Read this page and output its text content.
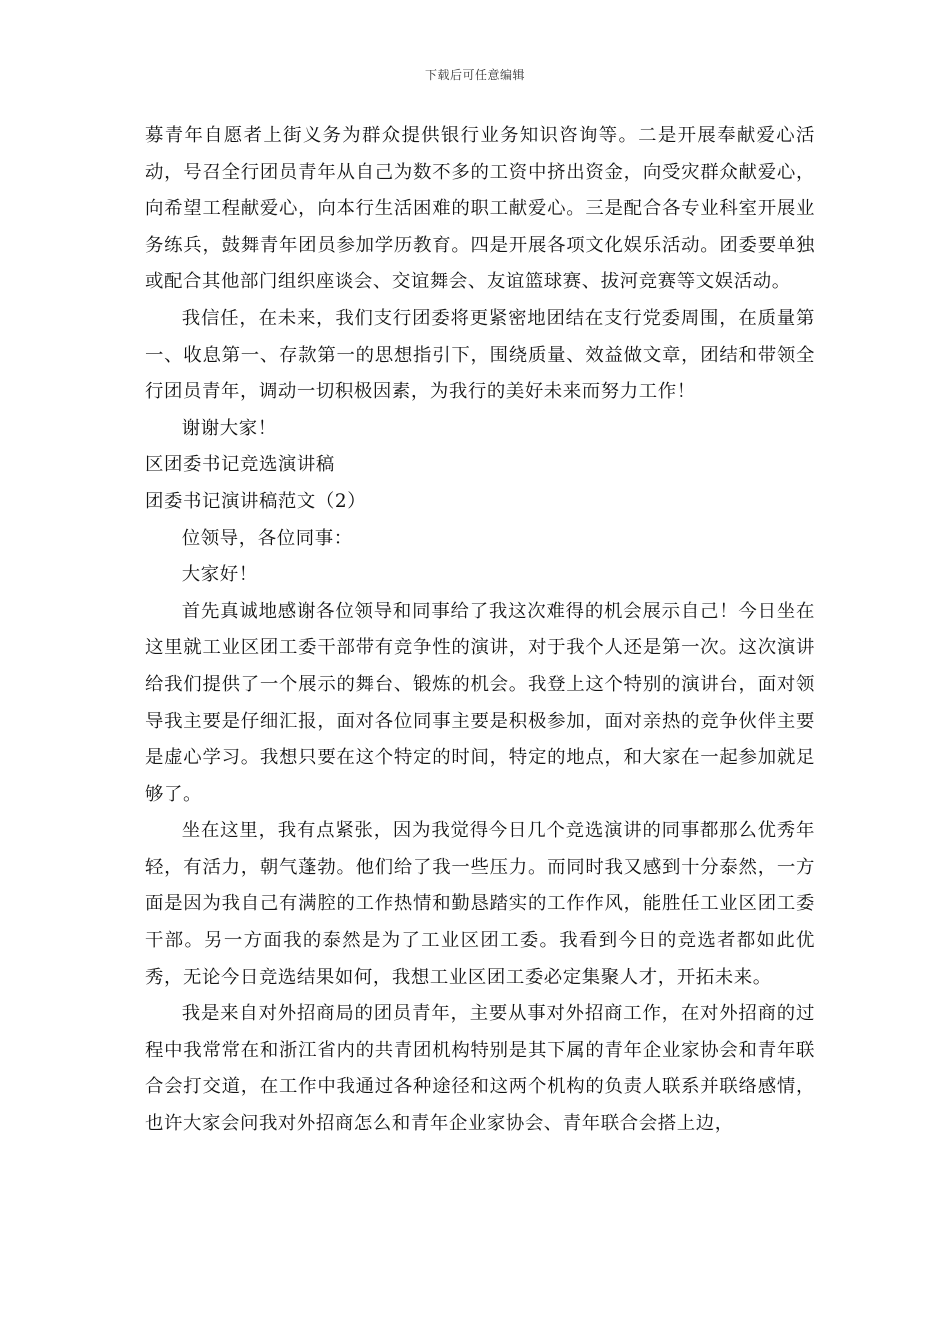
下载后可任意编辑

募青年自愿者上街义务为群众提供银行业务知识咨询等。二是开展奉献爱心活动，号召全行团员青年从自己为数不多的工资中挤出资金，向受灾群众献爱心，向希望工程献爱心，向本行生活困难的职工献爱心。三是配合各专业科室开展业务练兵，鼓舞青年团员参加学历教育。四是开展各项文化娱乐活动。团委要单独或配合其他部门组织座谈会、交谊舞会、友谊篮球赛、拔河竞赛等文娱活动。

我信任，在未来，我们支行团委将更紧密地团结在支行党委周围，在质量第一、收息第一、存款第一的思想指引下，围绕质量、效益做文章，团结和带领全行团员青年，调动一切积极因素，为我行的美好未来而努力工作！

谢谢大家！

区团委书记竞选演讲稿

团委书记演讲稿范文（2）

位领导，各位同事：

大家好！

首先真诚地感谢各位领导和同事给了我这次难得的机会展示自己！今日坐在这里就工业区团工委干部带有竞争性的演讲，对于我个人还是第一次。这次演讲给我们提供了一个展示的舞台、锻炼的机会。我登上这个特别的演讲台，面对领导我主要是仔细汇报，面对各位同事主要是积极参加，面对亲热的竞争伙伴主要是虚心学习。我想只要在这个特定的时间，特定的地点，和大家在一起参加就足够了。

坐在这里，我有点紧张，因为我觉得今日几个竞选演讲的同事都那么优秀年轻，有活力，朝气蓬勃。他们给了我一些压力。而同时我又感到十分泰然，一方面是因为我自己有满腔的工作热情和勤恳踏实的工作作风，能胜任工业区团工委干部。另一方面我的泰然是为了工业区团工委。我看到今日的竞选者都如此优秀，无论今日竞选结果如何，我想工业区团工委必定集聚人才，开拓未来。

我是来自对外招商局的团员青年，主要从事对外招商工作，在对外招商的过程中我常常在和浙江省内的共青团机构特别是其下属的青年企业家协会和青年联合会打交道，在工作中我通过各种途径和这两个机构的负责人联系并联络感情，也许大家会问我对外招商怎么和青年企业家协会、青年联合会搭上边，
